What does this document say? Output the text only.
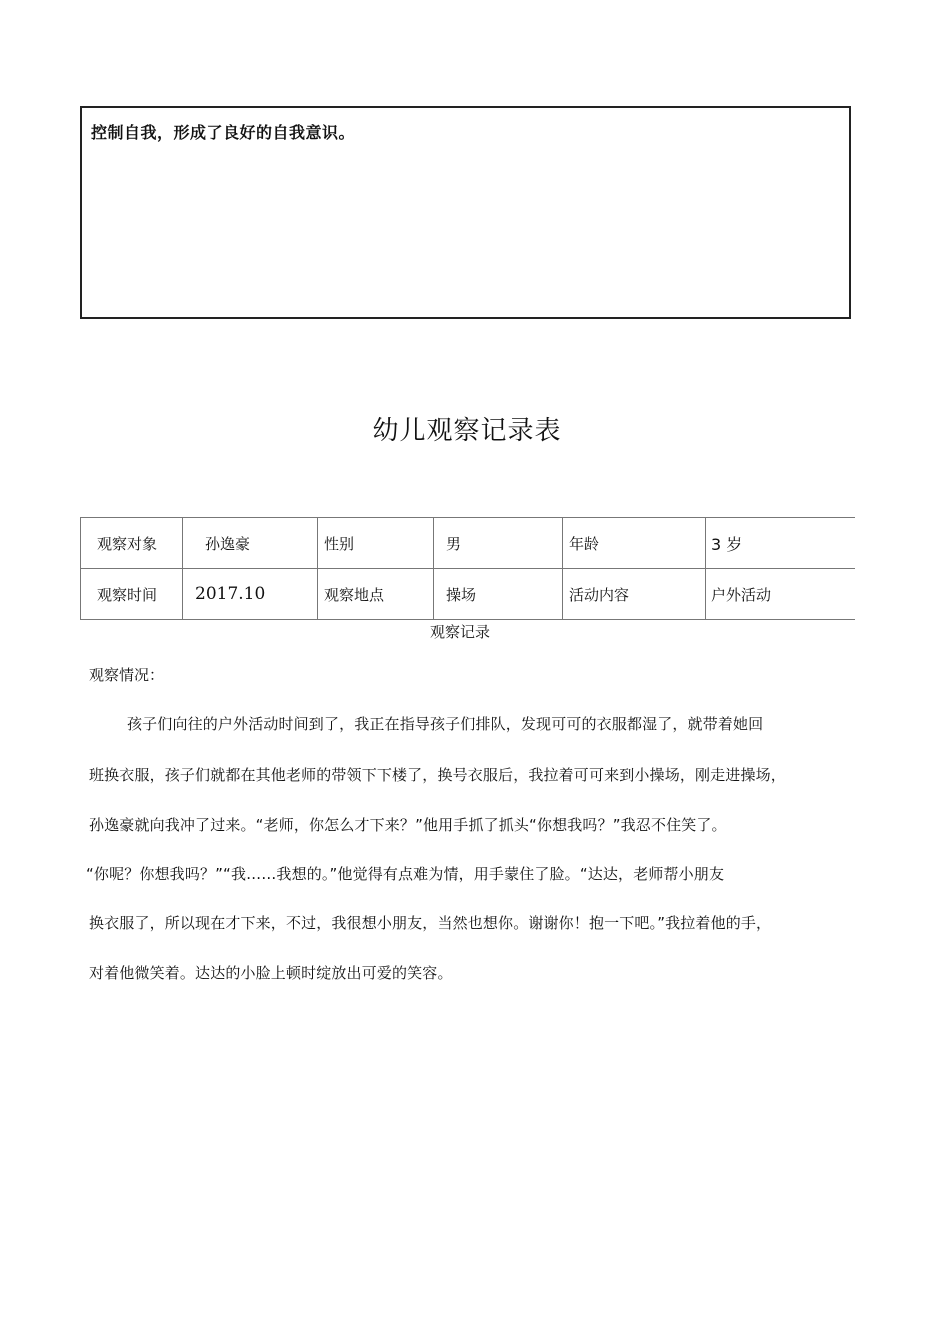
控制自我，形成了良好的自我意识。
幼儿观察记录表
观察对象	孙逸豪	性别	男	年龄	3 岁
观察时间	2017.10	观察地点	操场	活动内容	户外活动
观察记录
观察情况：
孩子们向往的户外活动时间到了，我正在指导孩子们排队，发现可可的衣服都湿了，就带着她回
班换衣服，孩子们就都在其他老师的带领下下楼了，换号衣服后，我拉着可可来到小操场，刚走进操场，
孙逸豪就向我冲了过来。“老师，你怎么才下来？”他用手抓了抓头“你想我吗？”我忍不住笑了。
“你呢？你想我吗？”“我……我想的。”他觉得有点难为情，用手蒙住了脸。“达达，老师帮小朋友
换衣服了，所以现在才下来，不过，我很想小朋友，当然也想你。谢谢你！抱一下吧。”我拉着他的手，
对着他微笑着。达达的小脸上顿时绽放出可爱的笑容。
